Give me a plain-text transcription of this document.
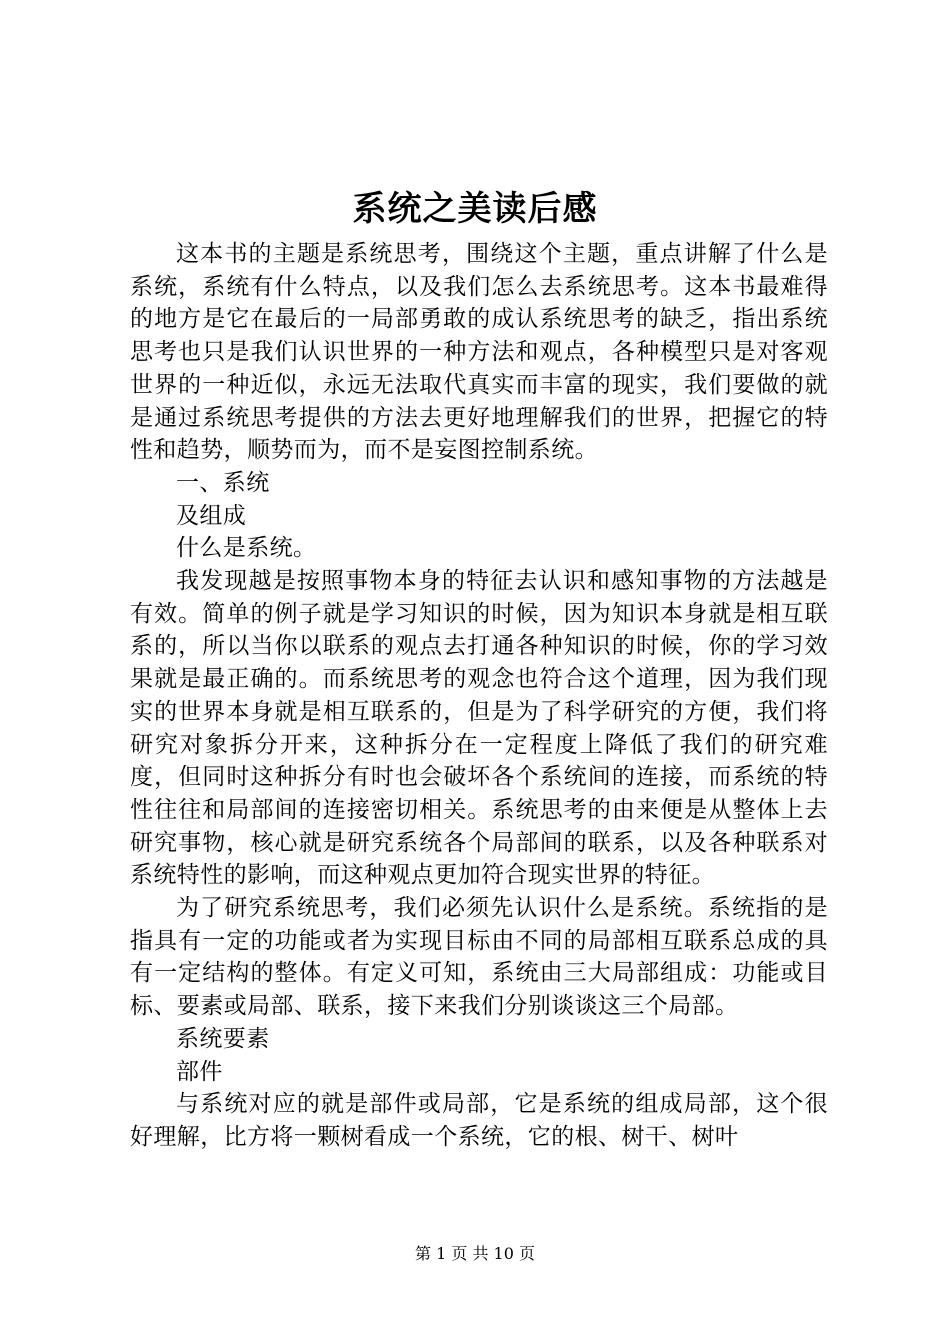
系统之美读后感

这本书的主题是系统思考，围绕这个主题，重点讲解了什么是系统，系统有什么特点，以及我们怎么去系统思考。这本书最难得的地方是它在最后的一局部勇敢的成认系统思考的缺乏，指出系统思考也只是我们认识世界的一种方法和观点，各种模型只是对客观世界的一种近似，永远无法取代真实而丰富的现实，我们要做的就是通过系统思考提供的方法去更好地理解我们的世界，把握它的特性和趋势，顺势而为，而不是妄图控制系统。

一、系统

及组成

什么是系统。

我发现越是按照事物本身的特征去认识和感知事物的方法越是有效。简单的例子就是学习知识的时候，因为知识本身就是相互联系的，所以当你以联系的观点去打通各种知识的时候，你的学习效果就是最正确的。而系统思考的观念也符合这个道理，因为我们现实的世界本身就是相互联系的，但是为了科学研究的方便，我们将研究对象拆分开来，这种拆分在一定程度上降低了我们的研究难度，但同时这种拆分有时也会破坏各个系统间的连接，而系统的特性往往和局部间的连接密切相关。系统思考的由来便是从整体上去研究事物，核心就是研究系统各个局部间的联系，以及各种联系对系统特性的影响，而这种观点更加符合现实世界的特征。

为了研究系统思考，我们必须先认识什么是系统。系统指的是指具有一定的功能或者为实现目标由不同的局部相互联系总成的具有一定结构的整体。有定义可知，系统由三大局部组成：功能或目标、要素或局部、联系，接下来我们分别谈谈这三个局部。

系统要素

部件

与系统对应的就是部件或局部，它是系统的组成局部，这个很好理解，比方将一颗树看成一个系统，它的根、树干、树叶

第 1 页 共 10 页
